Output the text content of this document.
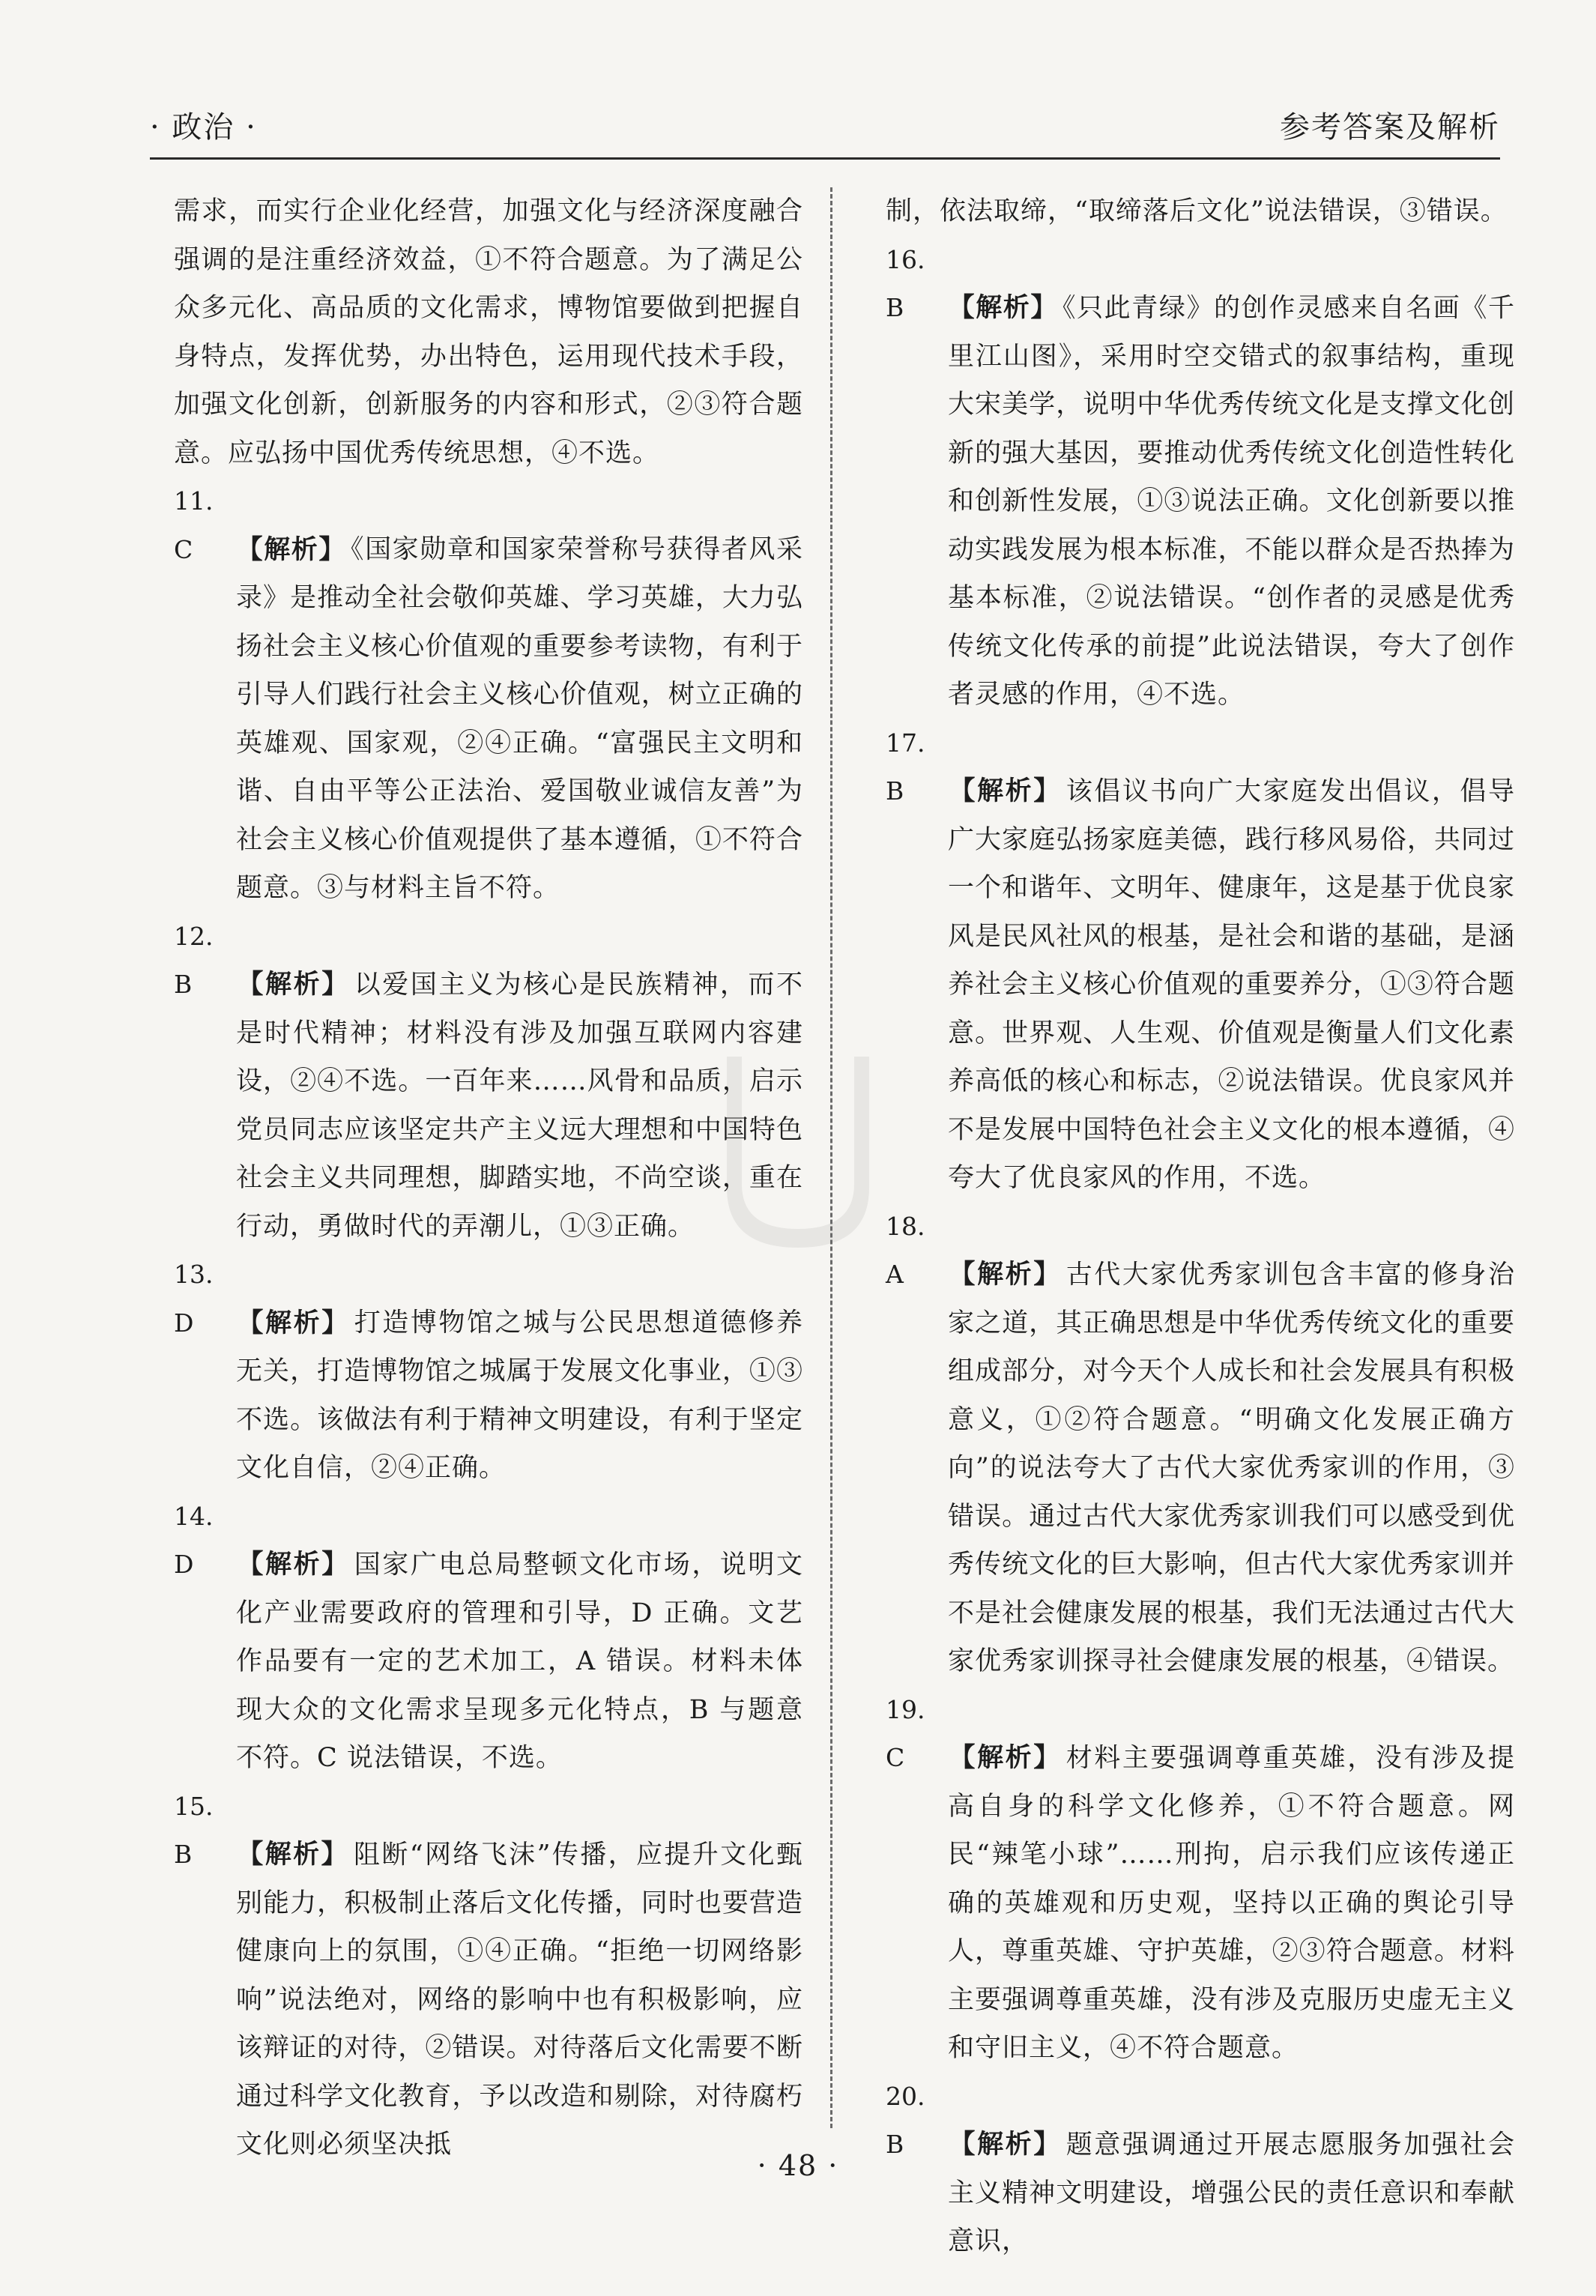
· 政治 ·	参考答案及解析
需求，而实行企业化经营，加强文化与经济深度融合强调的是注重经济效益，①不符合题意。为了满足公众多元化、高品质的文化需求，博物馆要做到把握自身特点，发挥优势，办出特色，运用现代技术手段，加强文化创新，创新服务的内容和形式，②③符合题意。应弘扬中国优秀传统思想，④不选。
11. C 【解析】 《国家勋章和国家荣誉称号获得者风采录》是推动全社会敬仰英雄、学习英雄，大力弘扬社会主义核心价值观的重要参考读物，有利于引导人们践行社会主义核心价值观，树立正确的英雄观、国家观，②④正确。“富强民主文明和谐、自由平等公正法治、爱国敬业诚信友善”为社会主义核心价值观提供了基本遵循，①不符合题意。③与材料主旨不符。
12. B 【解析】 以爱国主义为核心是民族精神，而不是时代精神；材料没有涉及加强互联网内容建设，②④不选。一百年来……风骨和品质，启示党员同志应该坚定共产主义远大理想和中国特色社会主义共同理想，脚踏实地，不尚空谈，重在行动，勇做时代的弄潮儿，①③正确。
13. D 【解析】 打造博物馆之城与公民思想道德修养无关，打造博物馆之城属于发展文化事业，①③不选。该做法有利于精神文明建设，有利于坚定文化自信，②④正确。
14. D 【解析】 国家广电总局整顿文化市场，说明文化产业需要政府的管理和引导，D 正确。文艺作品要有一定的艺术加工，A 错误。材料未体现大众的文化需求呈现多元化特点，B 与题意不符。C 说法错误，不选。
15. B 【解析】 阻断“网络飞沫”传播，应提升文化甄别能力，积极制止落后文化传播，同时也要营造健康向上的氛围，①④正确。“拒绝一切网络影响”说法绝对，网络的影响中也有积极影响，应该辩证的对待，②错误。对待落后文化需要不断通过科学文化教育，予以改造和剔除，对待腐朽文化则必须坚决抵
制，依法取缔，“取缔落后文化”说法错误，③错误。
16. B 【解析】 《只此青绿》的创作灵感来自名画《千里江山图》，采用时空交错式的叙事结构，重现大宋美学，说明中华优秀传统文化是支撑文化创新的强大基因，要推动优秀传统文化创造性转化和创新性发展，①③说法正确。文化创新要以推动实践发展为根本标准，不能以群众是否热捧为基本标准，②说法错误。“创作者的灵感是优秀传统文化传承的前提”此说法错误，夸大了创作者灵感的作用，④不选。
17. B 【解析】 该倡议书向广大家庭发出倡议，倡导广大家庭弘扬家庭美德，践行移风易俗，共同过一个和谐年、文明年、健康年，这是基于优良家风是民风社风的根基，是社会和谐的基础，是涵养社会主义核心价值观的重要养分，①③符合题意。世界观、人生观、价值观是衡量人们文化素养高低的核心和标志，②说法错误。优良家风并不是发展中国特色社会主义文化的根本遵循，④夸大了优良家风的作用，不选。
18. A 【解析】 古代大家优秀家训包含丰富的修身治家之道，其正确思想是中华优秀传统文化的重要组成部分，对今天个人成长和社会发展具有积极意义，①②符合题意。“明确文化发展正确方向”的说法夸大了古代大家优秀家训的作用，③错误。通过古代大家优秀家训我们可以感受到优秀传统文化的巨大影响，但古代大家优秀家训并不是社会健康发展的根基，我们无法通过古代大家优秀家训探寻社会健康发展的根基，④错误。
19. C 【解析】 材料主要强调尊重英雄，没有涉及提高自身的科学文化修养，①不符合题意。网民“辣笔小球”……刑拘，启示我们应该传递正确的英雄观和历史观，坚持以正确的舆论引导人，尊重英雄、守护英雄，②③符合题意。材料主要强调尊重英雄，没有涉及克服历史虚无主义和守旧主义，④不符合题意。
20. B 【解析】 题意强调通过开展志愿服务加强社会主义精神文明建设，增强公民的责任意识和奉献意识，
· 48 ·
